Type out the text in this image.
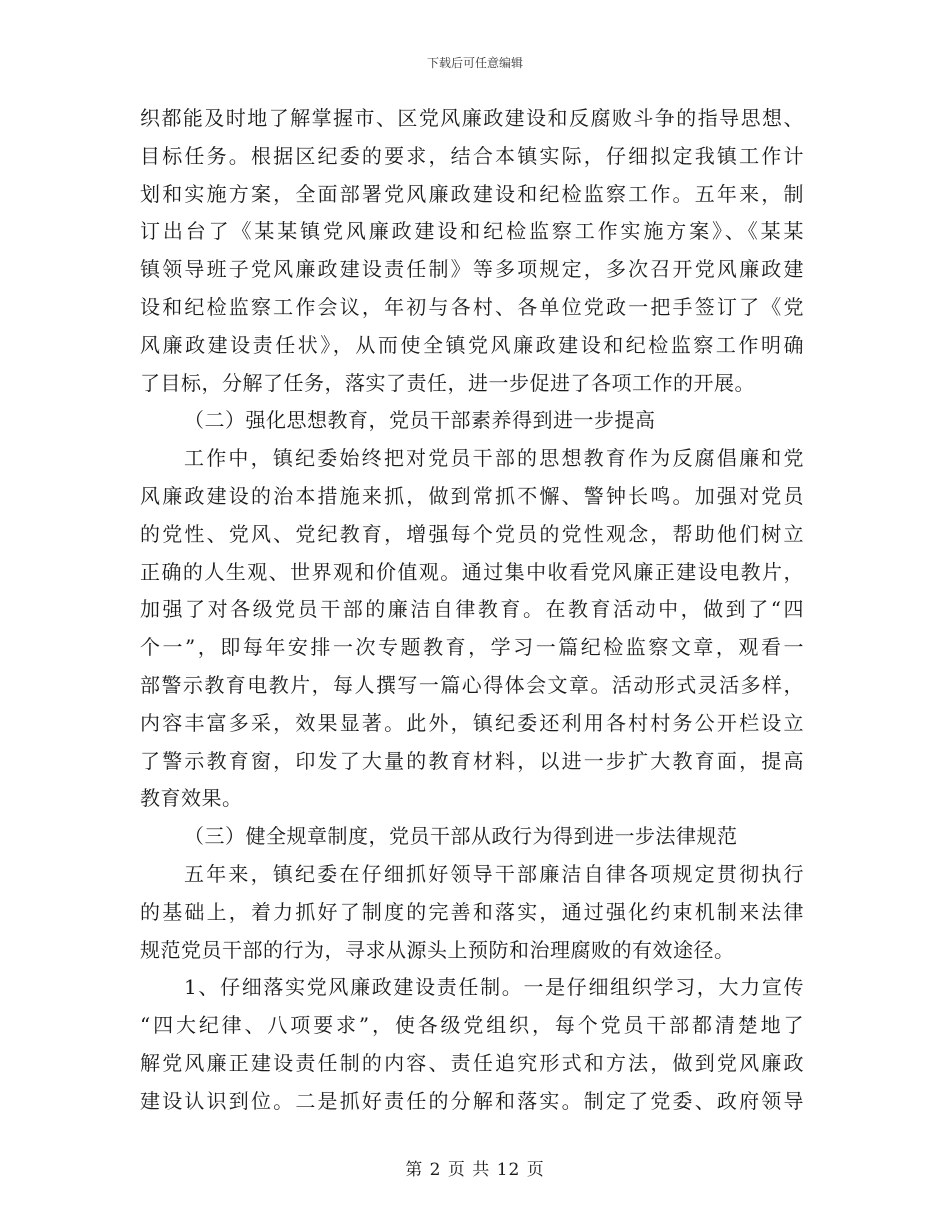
下载后可任意编辑
织都能及时地了解掌握市、区党风廉政建设和反腐败斗争的指导思想、
目标任务。根据区纪委的要求，结合本镇实际，仔细拟定我镇工作计
划和实施方案，全面部署党风廉政建设和纪检监察工作。五年来，制
订出台了《某某镇党风廉政建设和纪检监察工作实施方案》、《某某
镇领导班子党风廉政建设责任制》等多项规定，多次召开党风廉政建
设和纪检监察工作会议，年初与各村、各单位党政一把手签订了《党
风廉政建设责任状》，从而使全镇党风廉政建设和纪检监察工作明确
了目标，分解了任务，落实了责任，进一步促进了各项工作的开展。
（二）强化思想教育，党员干部素养得到进一步提高
工作中，镇纪委始终把对党员干部的思想教育作为反腐倡廉和党
风廉政建设的治本措施来抓，做到常抓不懈、警钟长鸣。加强对党员
的党性、党风、党纪教育，增强每个党员的党性观念，帮助他们树立
正确的人生观、世界观和价值观。通过集中收看党风廉正建设电教片，
加强了对各级党员干部的廉洁自律教育。在教育活动中，做到了“四
个一”，即每年安排一次专题教育，学习一篇纪检监察文章，观看一
部警示教育电教片，每人撰写一篇心得体会文章。活动形式灵活多样，
内容丰富多采，效果显著。此外，镇纪委还利用各村村务公开栏设立
了警示教育窗，印发了大量的教育材料，以进一步扩大教育面，提高
教育效果。
（三）健全规章制度，党员干部从政行为得到进一步法律规范
五年来，镇纪委在仔细抓好领导干部廉洁自律各项规定贯彻执行
的基础上，着力抓好了制度的完善和落实，通过强化约束机制来法律
规范党员干部的行为，寻求从源头上预防和治理腐败的有效途径。
1、仔细落实党风廉政建设责任制。一是仔细组织学习，大力宣传
“四大纪律、八项要求”，使各级党组织，每个党员干部都清楚地了
解党风廉正建设责任制的内容、责任追究形式和方法，做到党风廉政
建设认识到位。二是抓好责任的分解和落实。制定了党委、政府领导
第 2 页 共 12 页
